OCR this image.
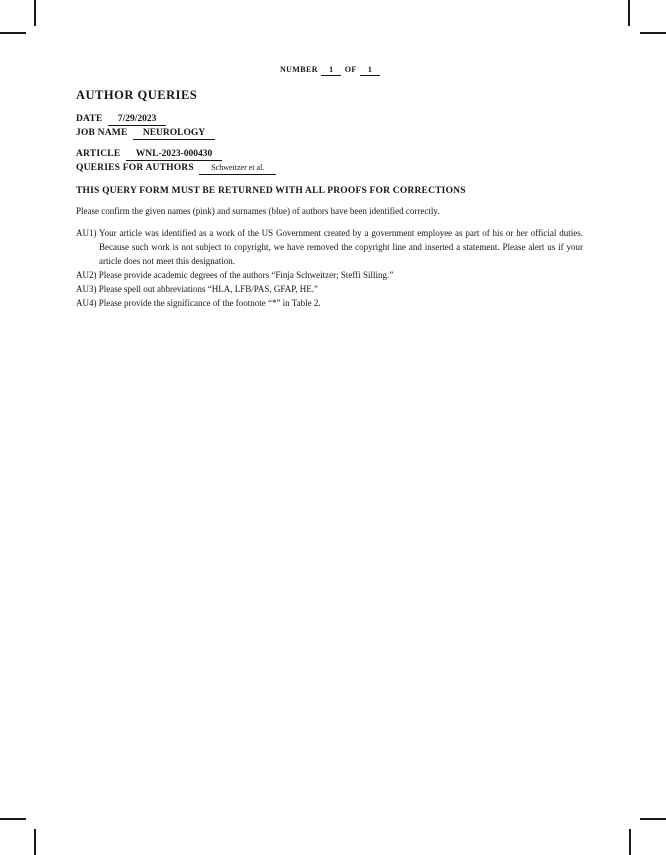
NUMBER 1 OF 1
AUTHOR QUERIES
DATE 7/29/2023
JOB NAME NEUROLOGY
ARTICLE WNL-2023-000430
QUERIES FOR AUTHORS Schweitzer et al.

THIS QUERY FORM MUST BE RETURNED WITH ALL PROOFS FOR CORRECTIONS

Please confirm the given names (pink) and surnames (blue) of authors have been identified correctly.

AU1) Your article was identified as a work of the US Government created by a government employee as part of his or her official duties. Because such work is not subject to copyright, we have removed the copyright line and inserted a statement. Please alert us if your article does not meet this designation.
AU2) Please provide academic degrees of the authors “Finja Schweitzer; Steffi Silling.”
AU3) Please spell out abbreviations “HLA, LFB/PAS, GFAP, HE.”
AU4) Please provide the significance of the footnote “*” in Table 2.
